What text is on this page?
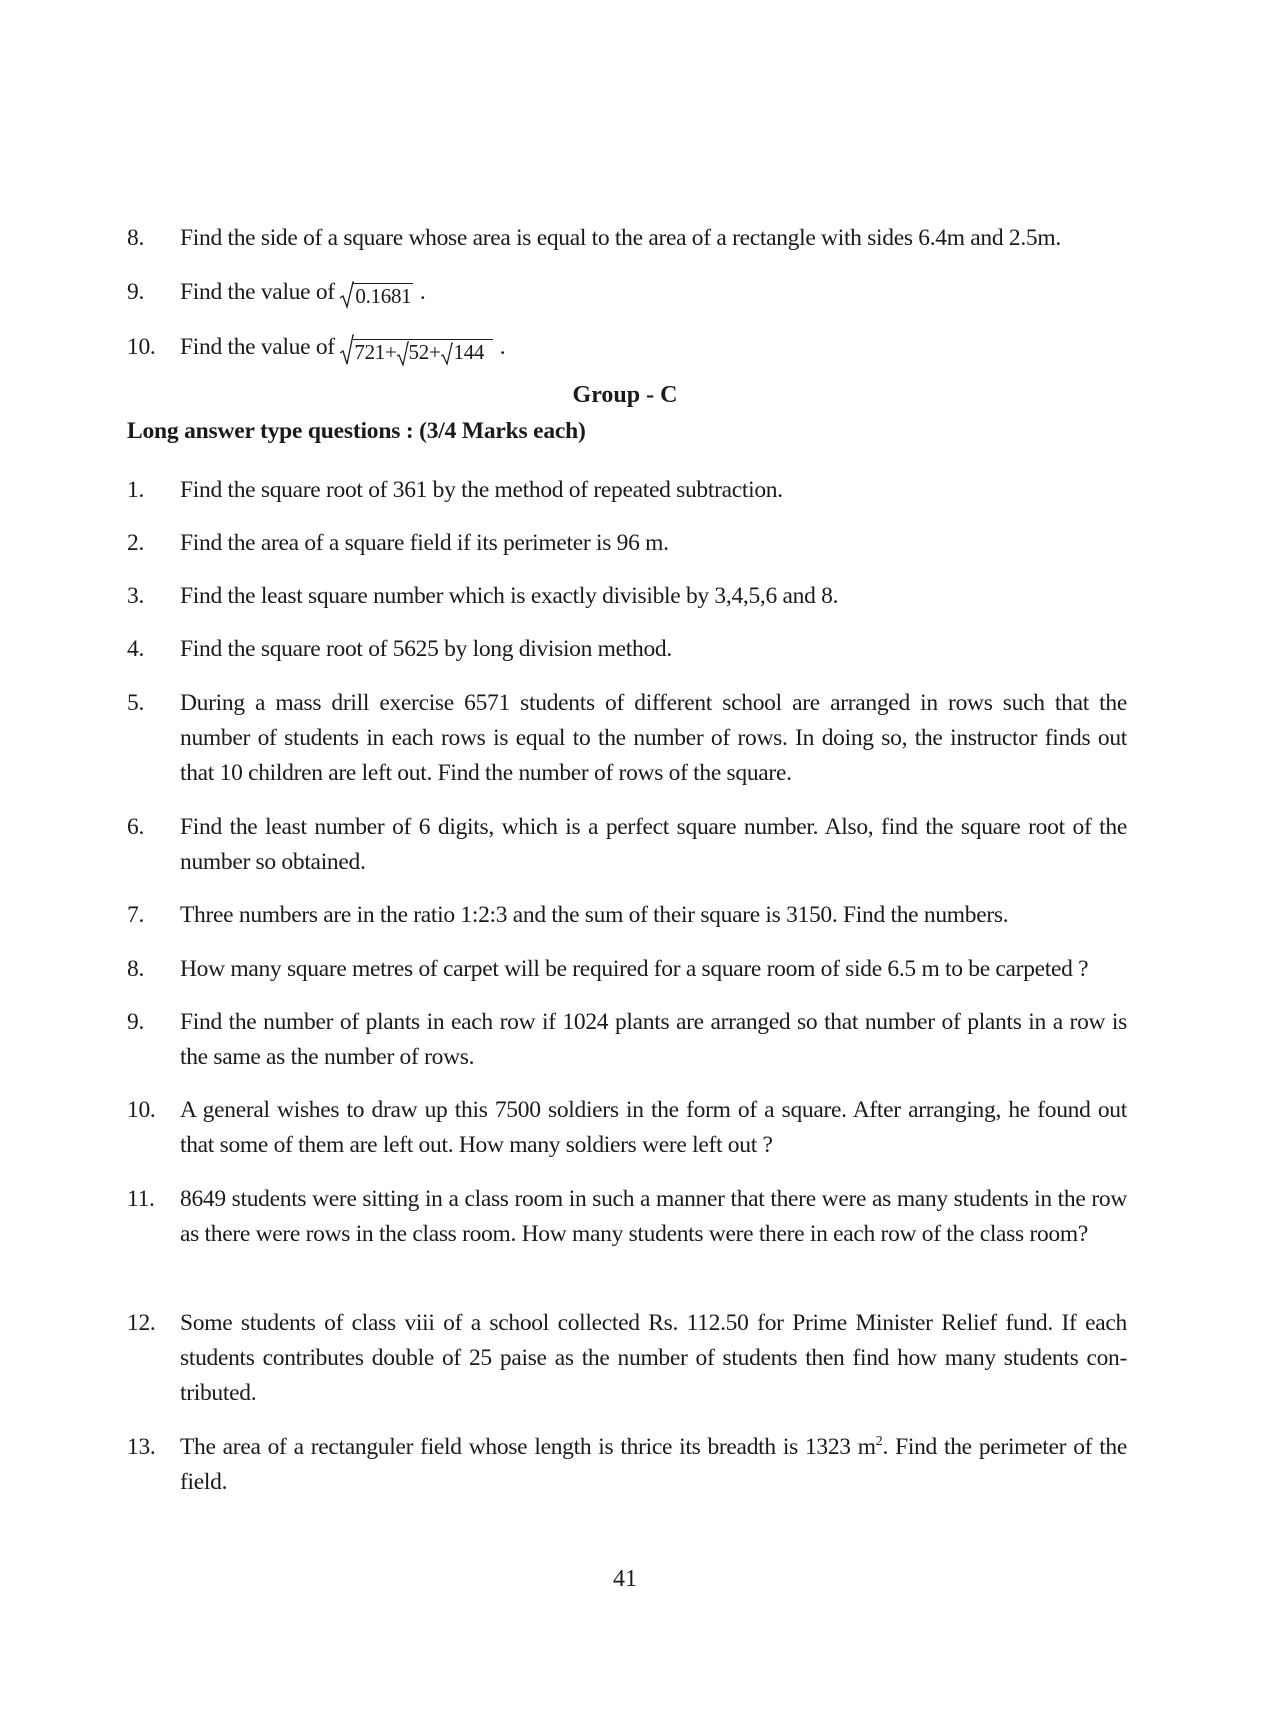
8.	Find the side of a square whose area is equal to the area of a rectangle with sides 6.4m and 2.5m.
9.	Find the value of 0.1681 .
10.	Find the value of 721+ 52+ 144 .
Group - C
Long answer type questions : (3/4 Marks each)
1.	Find the square root of 361 by the method of repeated subtraction.
2.	Find the area of a square field if its perimeter is 96 m.
3.	Find the least square number which is exactly divisible by 3,4,5,6 and 8.
4.	Find the square root of 5625 by long division method.
5.	During a mass drill exercise 6571 students of different school are arranged in rows such that the number of students in each rows is equal to the number of rows. In doing so, the instructor finds out that 10 children are left out. Find the number of rows of the square.
6.	Find the least number of 6 digits, which is a perfect square number. Also, find the square root of the number so obtained.
7.	Three numbers are in the ratio 1:2:3 and the sum of their square is 3150. Find the numbers.
8.	How many square metres of carpet will be required for a square room of side 6.5 m to be carpeted ?
9.	Find the number of plants in each row if 1024 plants are arranged so that number of plants in a row is the same as the number of rows.
10.	A general wishes to draw up this 7500 soldiers in the form of a square. After arranging, he found out that some of them are left out. How many soldiers were left out ?
11.	8649 students were sitting in a class room in such a manner that there were as many students in the row as there were rows in the class room. How many students were there in each row of the class room?
12.	Some students of class viii of a school collected Rs. 112.50 for Prime Minister Relief fund. If each students contributes double of 25 paise as the number of students then find how many students con-tributed.
13.	The area of a rectanguler field whose length is thrice its breadth is 1323 $m^2$. Find the perimeter of the field.
41
